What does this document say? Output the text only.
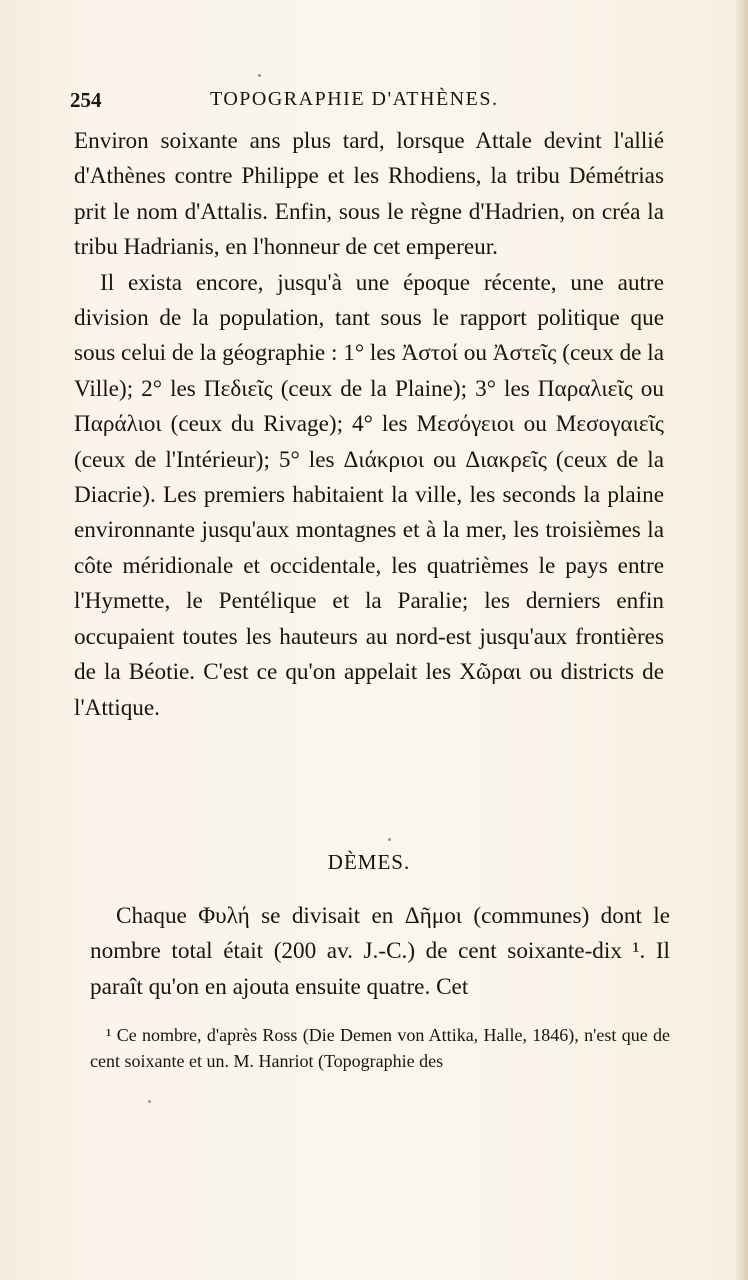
254	TOPOGRAPHIE D'ATHÈNES.

Environ soixante ans plus tard, lorsque Attale devint l'allié d'Athènes contre Philippe et les Rhodiens, la tribu Démétrias prit le nom d'Attalis. Enfin, sous le règne d'Hadrien, on créa la tribu Hadrianis, en l'honneur de cet empereur.

Il exista encore, jusqu'à une époque récente, une autre division de la population, tant sous le rapport politique que sous celui de la géographie : 1° les Ἀστοί ou Ἀστεῖς (ceux de la Ville); 2° les Πεδιεῖς (ceux de la Plaine); 3° les Παραλιεῖς ou Παράλιοι (ceux du Rivage); 4° les Μεσόγειοι ou Μεσογαιεῖς (ceux de l'Intérieur); 5° les Διάκριοι ou Διακρεῖς (ceux de la Diacrie). Les premiers habitaient la ville, les seconds la plaine environnante jusqu'aux montagnes et à la mer, les troisièmes la côte méridionale et occidentale, les quatrièmes le pays entre l'Hymette, le Pentélique et la Paralie; les derniers enfin occupaient toutes les hauteurs au nord-est jusqu'aux frontières de la Béotie. C'est ce qu'on appelait les Χῶραι ou districts de l'Attique.

DÈMES.

Chaque Φυλή se divisait en Δῆμοι (communes) dont le nombre total était (200 av. J.-C.) de cent soixante-dix ¹. Il paraît qu'on en ajouta ensuite quatre. Cet

¹ Ce nombre, d'après Ross (Die Demen von Attika, Halle, 1846), n'est que de cent soixante et un. M. Hanriot (Topographie des
